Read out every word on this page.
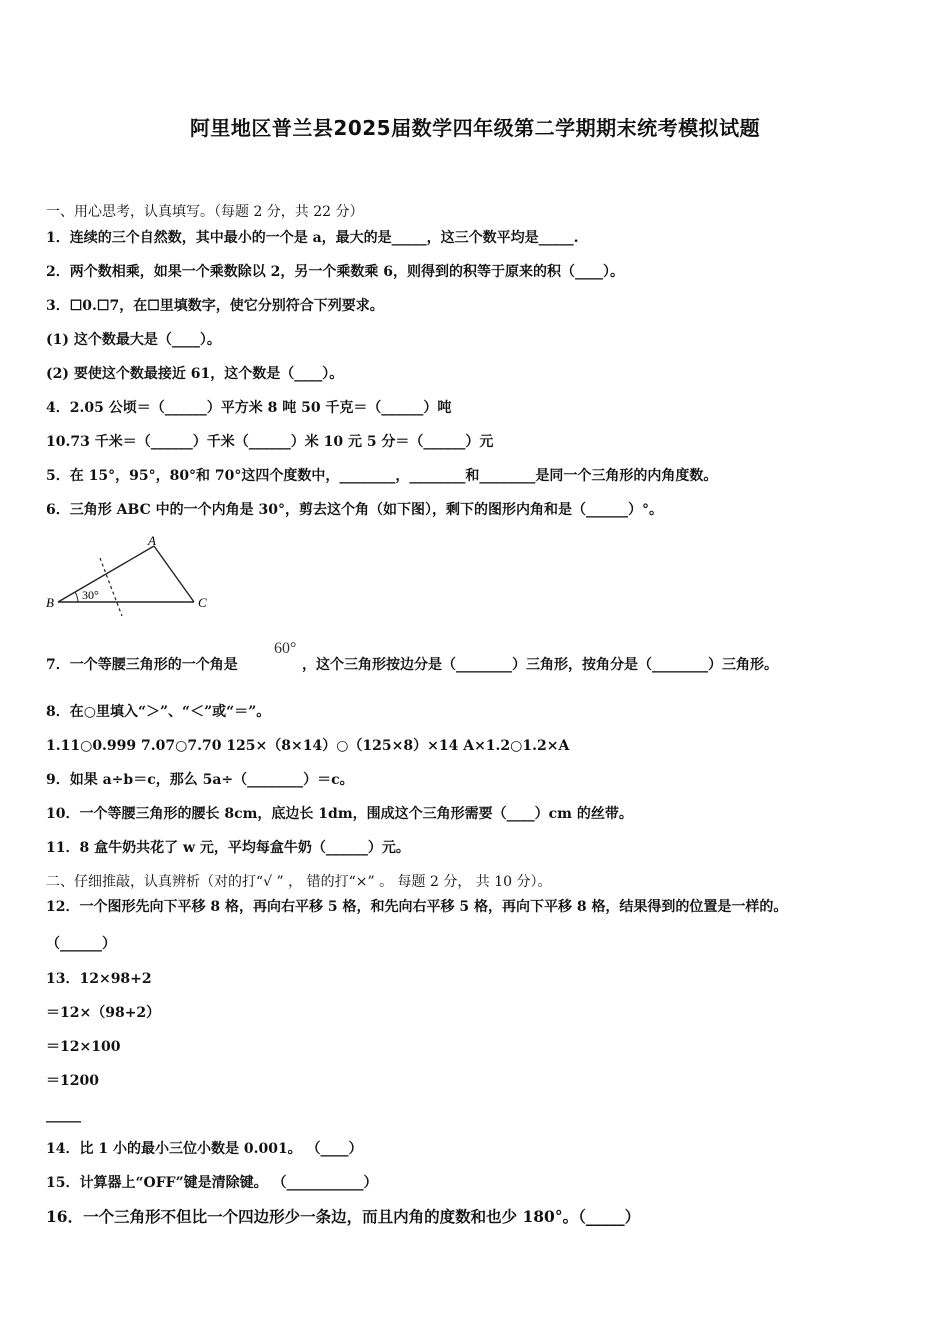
阿里地区普兰县2025届数学四年级第二学期期末统考模拟试题
一、用心思考，认真填写。（每题 2 分，共 22 分）
1．连续的三个自然数，其中最小的一个是 a，最大的是_____，这三个数平均是_____.
2．两个数相乘，如果一个乘数除以 2，另一个乘数乘 6，则得到的积等于原来的积（____）。
3．☐0.☐7，在☐里填数字，使它分别符合下列要求。
(1) 这个数最大是（____）。
(2) 要使这个数最接近 61，这个数是（____）。
4．2.05 公顷＝（______）平方米 8 吨 50 千克＝（______）吨
10.73 千米＝（______）千米（______）米 10 元 5 分＝（______）元
5．在 15°，95°，80°和 70°这四个度数中，________，________和________是同一个三角形的内角度数。
6．三角形 ABC 中的一个内角是 30°，剪去这个角（如下图），剩下的图形内角和是（______）°。
A
B	C
30°
7．一个等腰三角形的一个角是
60°
，这个三角形按边分是（________）三角形，按角分是（________）三角形。
8．在○里填入“＞”、“＜”或“＝”。
1.11○0.999 7.07○7.70 125×（8×14）○（125×8）×14 A×1.2○1.2×A
9．如果 a÷b＝c，那么 5a÷（________）＝c。
10．一个等腰三角形的腰长 8cm，底边长 1dm，围成这个三角形需要（____）cm 的丝带。
11．8 盒牛奶共花了 w 元，平均每盒牛奶（______）元。
二、仔细推敲，认真辨析（对的打“√ ” ， 错的打“×” 。 每题 2 分， 共 10 分）。
12．一个图形先向下平移 8 格，再向右平移 5 格，和先向右平移 5 格，再向下平移 8 格，结果得到的位置是一样的。
（______）
13．12×98+2
＝12×（98+2）
＝12×100
＝1200
_____
14．比 1 小的最小三位小数是 0.001。 （____）
15．计算器上“OFF”键是清除键。 （___________）
16．一个三角形不但比一个四边形少一条边，而且内角的度数和也少 180°。（_____）
